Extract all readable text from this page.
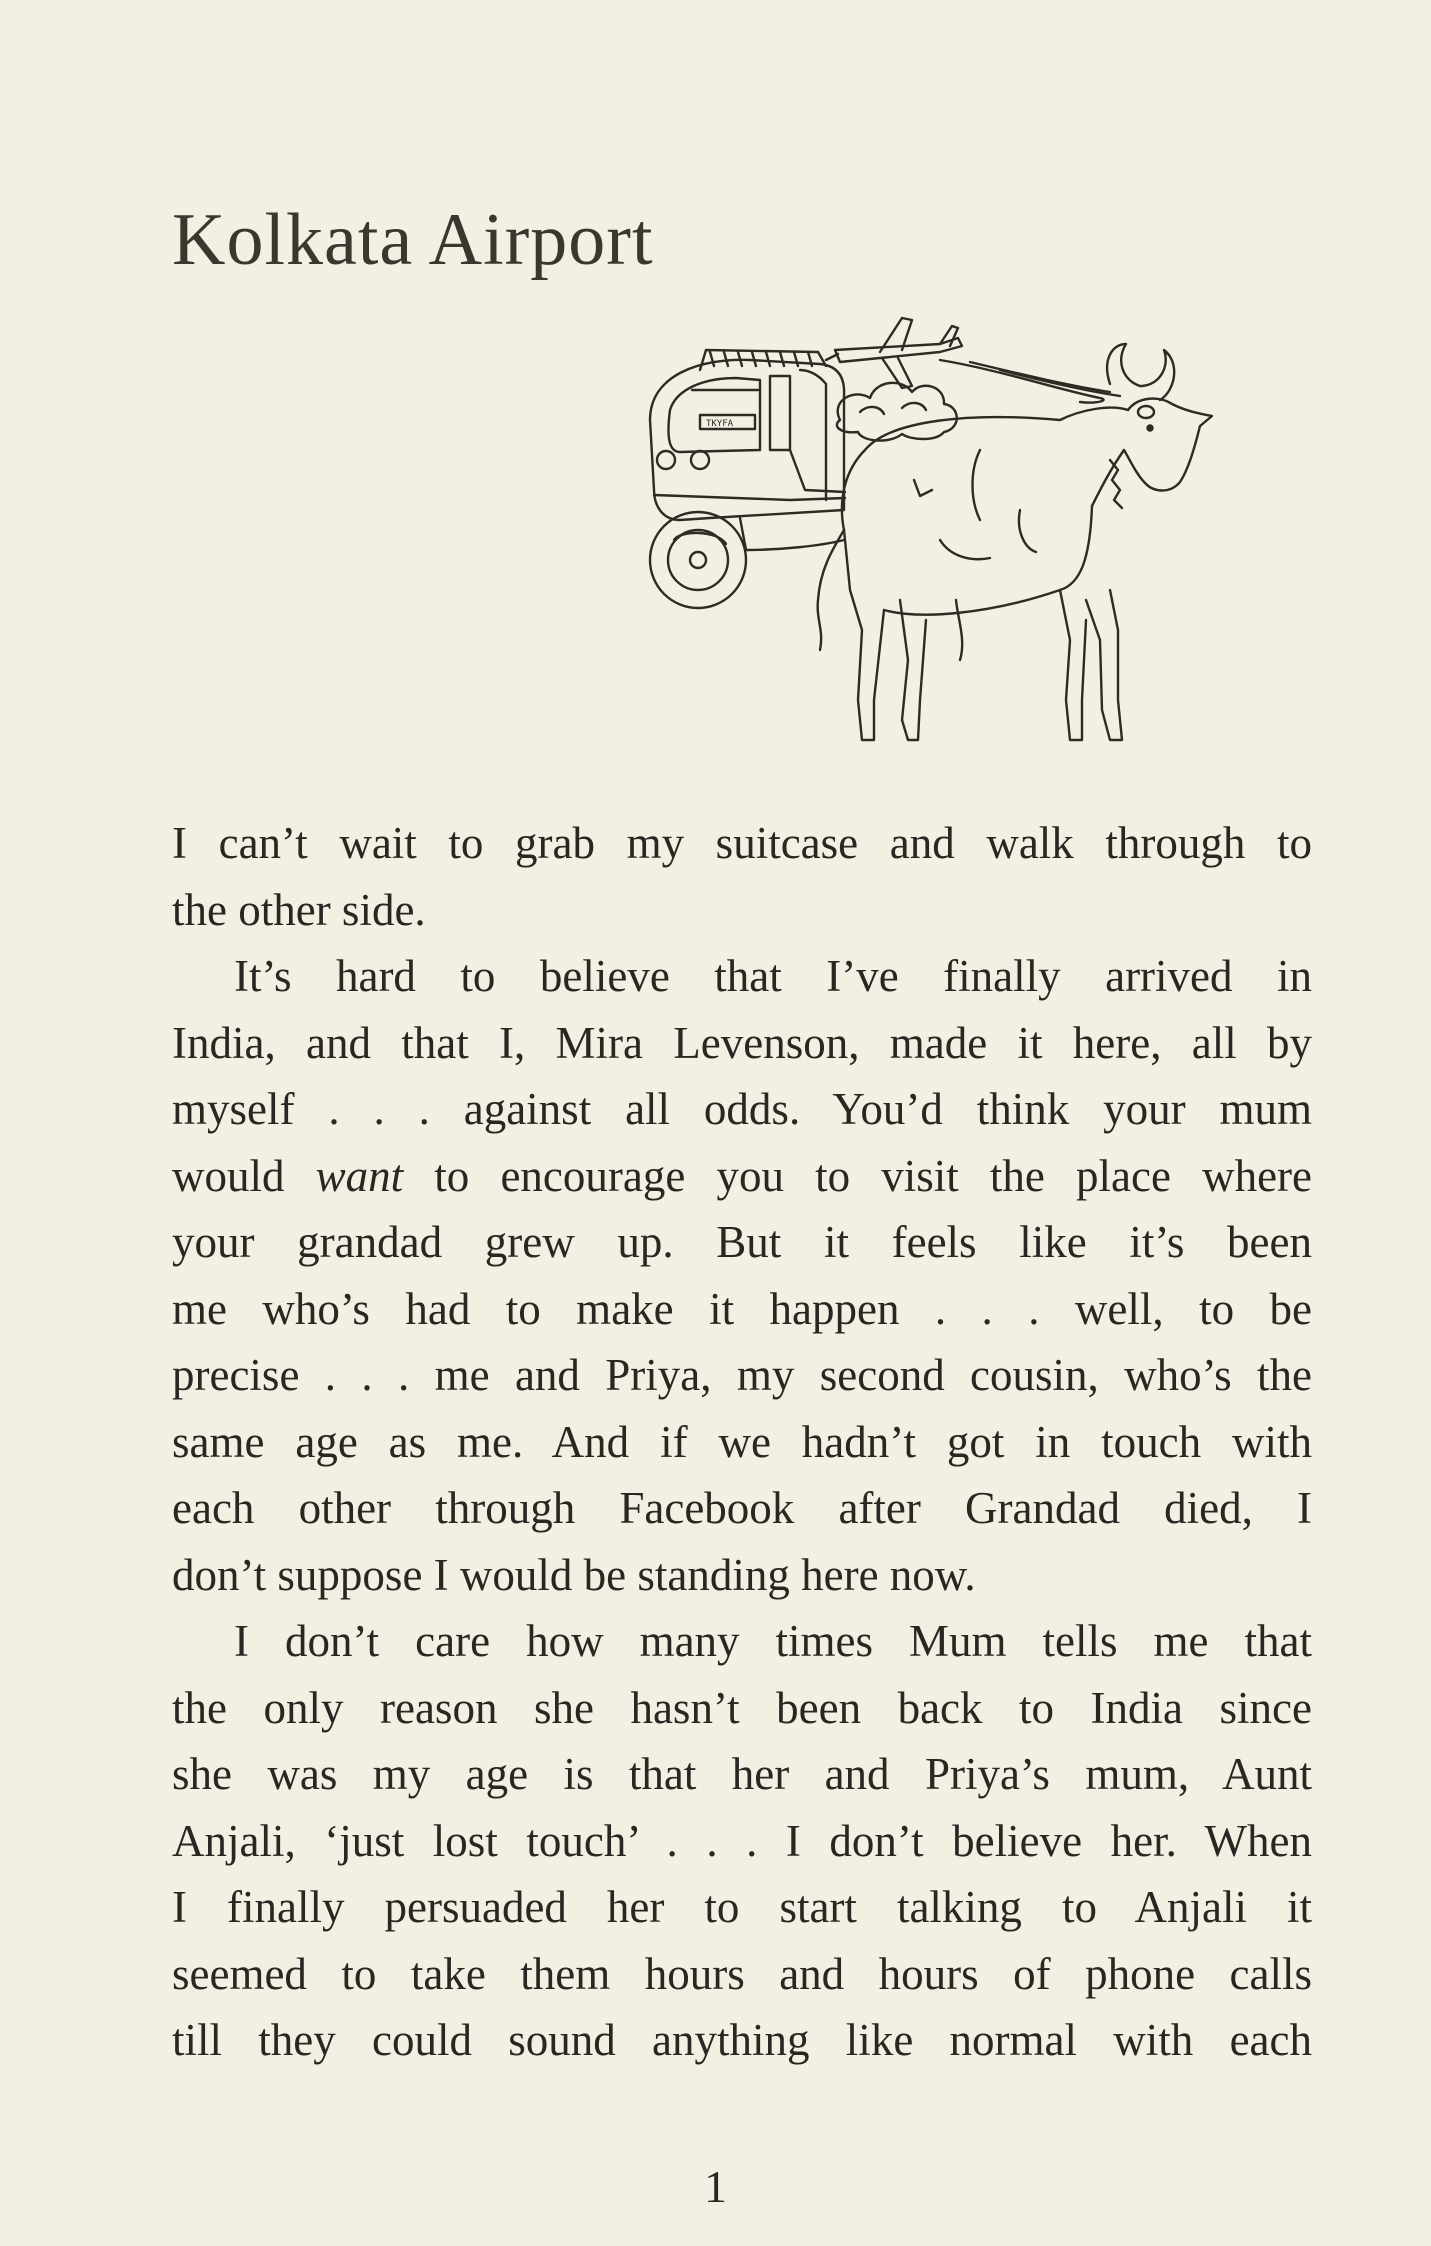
Kolkata Airport
TKYFA
I can’t wait to grab my suitcase and walk through to
the other side.
It’s hard to believe that I’ve finally arrived in
India, and that I, Mira Levenson, made it here, all by
myself . . . against all odds. You’d think your mum
would want to encourage you to visit the place where
your grandad grew up. But it feels like it’s been
me who’s had to make it happen . . . well, to be
precise . . . me and Priya, my second cousin, who’s the
same age as me. And if we hadn’t got in touch with
each other through Facebook after Grandad died, I
don’t suppose I would be standing here now.
I don’t care how many times Mum tells me that
the only reason she hasn’t been back to India since
she was my age is that her and Priya’s mum, Aunt
Anjali, ‘just lost touch’ . . . I don’t believe her. When
I finally persuaded her to start talking to Anjali it
seemed to take them hours and hours of phone calls
till they could sound anything like normal with each
1
